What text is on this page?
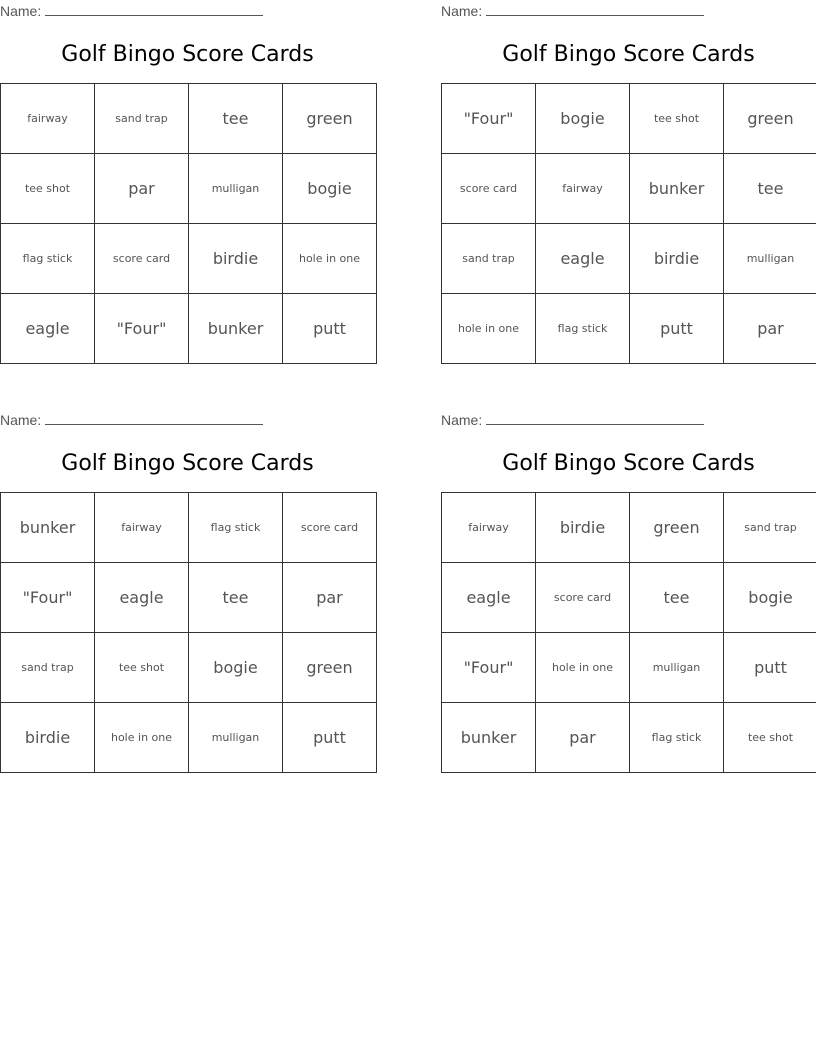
Name:
Golf Bingo Score Cards
fairway	sand trap	tee	green
tee shot	par	mulligan	bogie
flag stick	score card	birdie	hole in one
eagle	"Four"	bunker	putt
Name:
Golf Bingo Score Cards
"Four"	bogie	tee shot	green
score card	fairway	bunker	tee
sand trap	eagle	birdie	mulligan
hole in one	flag stick	putt	par
Name:
Golf Bingo Score Cards
bunker	fairway	flag stick	score card
"Four"	eagle	tee	par
sand trap	tee shot	bogie	green
birdie	hole in one	mulligan	putt
Name:
Golf Bingo Score Cards
fairway	birdie	green	sand trap
eagle	score card	tee	bogie
"Four"	hole in one	mulligan	putt
bunker	par	flag stick	tee shot
